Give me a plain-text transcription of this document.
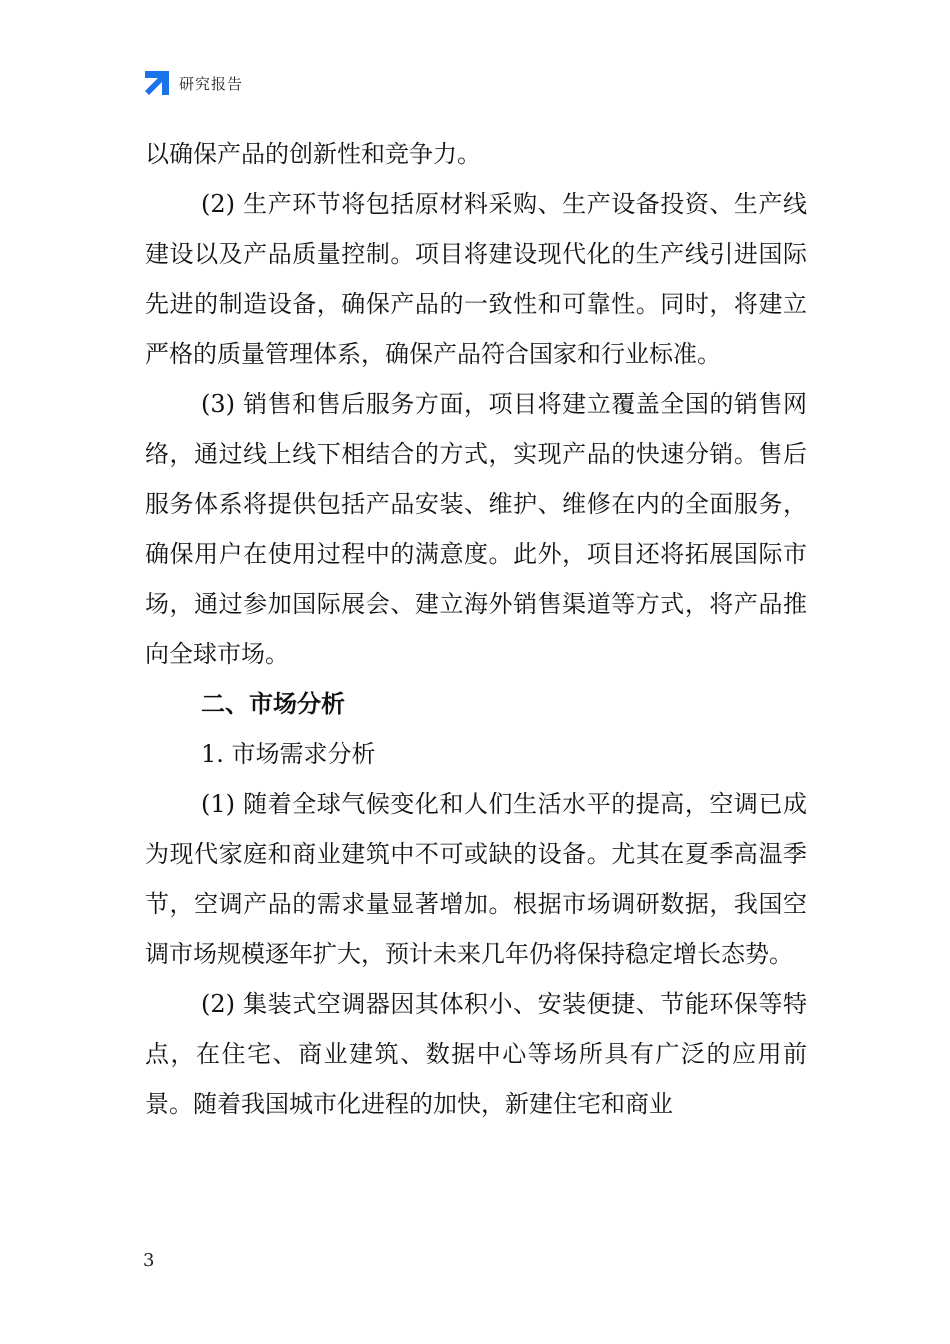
研究报告

以确保产品的创新性和竞争力。

(2) 生产环节将包括原材料采购、生产设备投资、生产线建设以及产品质量控制。项目将建设现代化的生产线引进国际先进的制造设备，确保产品的一致性和可靠性。同时，将建立严格的质量管理体系，确保产品符合国家和行业标准。

(3) 销售和售后服务方面，项目将建立覆盖全国的销售网络，通过线上线下相结合的方式，实现产品的快速分销。售后服务体系将提供包括产品安装、维护、维修在内的全面服务，确保用户在使用过程中的满意度。此外，项目还将拓展国际市场，通过参加国际展会、建立海外销售渠道等方式，将产品推向全球市场。

二、市场分析

1. 市场需求分析

(1) 随着全球气候变化和人们生活水平的提高，空调已成为现代家庭和商业建筑中不可或缺的设备。尤其在夏季高温季节，空调产品的需求量显著增加。根据市场调研数据，我国空调市场规模逐年扩大，预计未来几年仍将保持稳定增长态势。

(2) 集装式空调器因其体积小、安装便捷、节能环保等特点，在住宅、商业建筑、数据中心等场所具有广泛的应用前景。随着我国城市化进程的加快，新建住宅和商业

3
